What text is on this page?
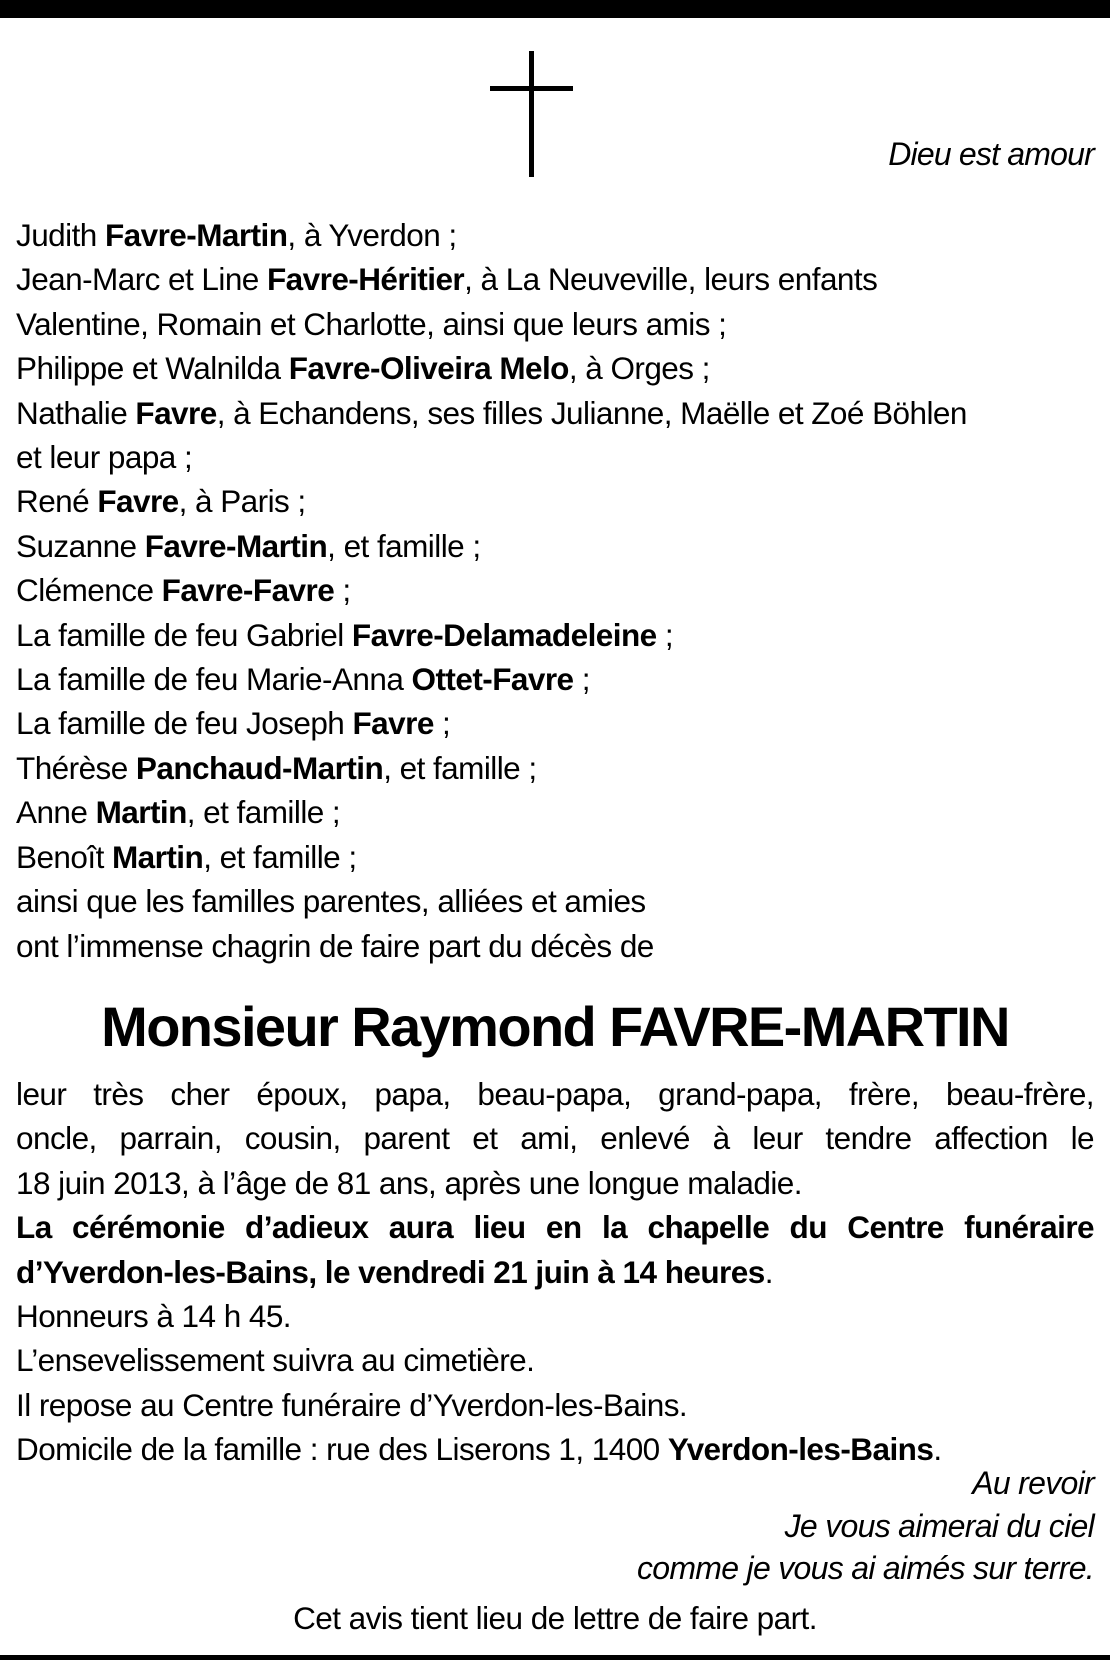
Dieu est amour
Judith Favre-Martin, à Yverdon ;
Jean-Marc et Line Favre-Héritier, à La Neuveville, leurs enfants
Valentine, Romain et Charlotte, ainsi que leurs amis ;
Philippe et Walnilda Favre-Oliveira Melo, à Orges ;
Nathalie Favre, à Echandens, ses filles Julianne, Maëlle et Zoé Böhlen
et leur papa ;
René Favre, à Paris ;
Suzanne Favre-Martin, et famille ;
Clémence Favre-Favre ;
La famille de feu Gabriel Favre-Delamadeleine ;
La famille de feu Marie-Anna Ottet-Favre ;
La famille de feu Joseph Favre ;
Thérèse Panchaud-Martin, et famille ;
Anne Martin, et famille ;
Benoît Martin, et famille ;
ainsi que les familles parentes, alliées et amies
ont l’immense chagrin de faire part du décès de
Monsieur Raymond FAVRE-MARTIN
leur très cher époux, papa, beau-papa, grand-papa, frère, beau-frère,
oncle, parrain, cousin, parent et ami, enlevé à leur tendre affection le
18 juin 2013, à l’âge de 81 ans, après une longue maladie.
La cérémonie d’adieux aura lieu en la chapelle du Centre funéraire
d’Yverdon-les-Bains, le vendredi 21 juin à 14 heures.
Honneurs à 14 h 45.
L’ensevelissement suivra au cimetière.
Il repose au Centre funéraire d’Yverdon-les-Bains.
Domicile de la famille : rue des Liserons 1, 1400 Yverdon-les-Bains.
Au revoir
Je vous aimerai du ciel
comme je vous ai aimés sur terre.
Cet avis tient lieu de lettre de faire part.
